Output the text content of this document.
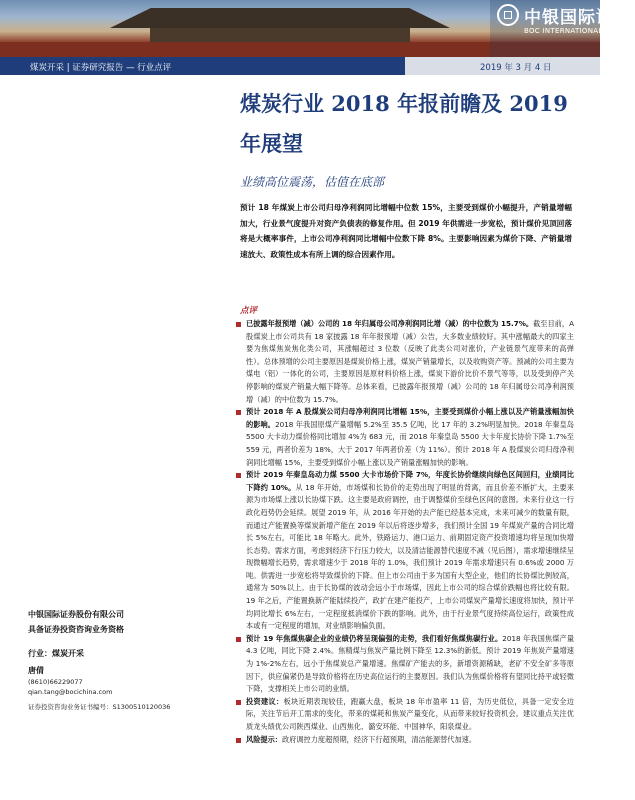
中银国际证券
BOC INTERNATIONAL (CHINA)
煤炭开采 | 证券研究报告 — 行业点评	2019 年 3 月 4 日
煤炭行业 2018 年报前瞻及 2019 年展望
业绩高位震荡，估值在底部
预计 18 年煤炭上市公司归母净利润同比增幅中位数 15%，主要受到煤价小幅提升，产销量增幅加大，行业景气度提升对资产负债表的修复作用。但 2019 年供需进一步宽松，预计煤价见顶回落将是大概率事件，上市公司净利润同比增幅中位数下降 8%。主要影响因素为煤价下降、产销量增速放大、政策性成本有所上调的综合因素作用。
点评
已披露年报预增（减）公司的 18 年归属母公司净利润同比增（减）的中位数为 15.7%。截至目前，A 股煤炭上市公司共有 18 家披露 18 年年报预增（减）公告，大多数业绩较好。其中涨幅最大的四家主要为焦煤焦炭焦化类公司，其涨幅超过 3 位数（反映了此类公司对涨价，产业链景气度带来的高弹性）。总体预增的公司主要原因是煤炭价格上涨，煤炭产销量增长，以及收购资产等。预减的公司主要为煤电（铝）一体化的公司，主要原因是原材料价格上涨，煤炭下游价比价不景气等等，以及受到停产关停影响的煤炭产销量大幅下降等。总体来看，已披露年报预增（减）公司的 18 年归属母公司净利润预增（减）的中位数为 15.7%。
预计 2018 年 A 股煤炭公司归母净利润同比增幅 15%，主要受到煤价小幅上涨以及产销量涨幅加快的影响。2018 年我国原煤产量增幅 5.2%至 35.5 亿吨，比 17 年的 3.2%明显加快。2018 年秦皇岛 5500 大卡动力煤价格同比增加 4%为 683 元，而 2018 年秦皇岛 5500 大卡年度长协价下降 1.7%至 559 元，两者价差为 18%，大于 2017 年两者价差（为 11%）。预计 2018 年 A 股煤炭公司归母净利润同比增幅 15%，主要受到煤价小幅上涨以及产销量涨幅加快的影响。
预计 2019 年秦皇岛动力煤 5500 大卡市场价下降 7%，年度长协价继续向绿色区间回归，业绩同比下降约 10%。从 18 年开始，市场煤和长协价的走势出现了明显的背离，而且价差不断扩大，主要来源为市场煤上涨以长协煤下跌。这主要是政府调控，由于调整煤价至绿色区间的意图。未来行业这一行政化趋势仍会延续。展望 2019 年，从 2016 年开始的去产能已经基本完成，未来可减少的数量有限，而通过产能置换等煤炭新增产能在 2019 年以后将逐步增多，我们预计全国 19 年煤炭产量的合同比增长 5%左右，可能比 18 年略大。此外，铁路运力、港口运力、前期固定资产投资增速均将呈现加快增长态势。需求方面，考虑到经济下行压力较大，以及清洁能源替代速度不减（见后图），需求增速继续呈现微幅增长趋势，需求增速少于 2018 年的 1.0%，我们预计 2019 年需求增速只有 0.6%或 2000 万吨。供需进一步宽松将导致煤价的下降。但上市公司由于多为国有大型企业，他们的长协煤比例较高，通常为 50%以上。由于长协煤的波动会远小于市场煤，因此上市公司的综合煤价跌幅也将比较有限。19 年之后，产能置换新产能陆续投产，政扩在建产能投产，上市公司煤炭产量增长速度将加快，预计平均同比增长 6%左右，一定程度抵消煤价下跌的影响。此外，由于行业景气度持续高位运行，政策性成本或有一定程度的增加，对业绩影响偏负面。
预计 19 年焦煤焦碳企业的业绩仍将呈现偏强的走势，我们看好焦煤焦碳行业。2018 年我国焦煤产量 4.3 亿吨，同比下降 2.4%。焦精煤与焦炭产量比例下降至 12.3%的新低。预计 2019 年焦炭产量增速为 1%-2%左右，远小于焦煤炭总产量增速。焦煤矿产能去的多，新增资源稀缺，老矿不安全矿多等原因下，供应偏紧仍是导致价格将在历史高位运行的主要原因。我们认为焦煤价格将有望同比持平或轻微下降，支撑相关上市公司的业绩。
投资建议：板块近期表现较佳，跑赢大盘，板块 18 年市盈率 11 倍，为历史低位，具备一定安全边际，关注节后开工需求的变化，带来的煤耗和焦炭产量变化，从而带来较好投资机会。建议重点关注优质龙头绩优公司陕西煤业、山西焦化、潞安环能、中国神华、阳泉煤业。
风险提示：政府调控力度超预期，经济下行超预期，清洁能源替代加速。
中银国际证券股份有限公司
具备证券投资咨询业务资格
行业：煤炭开采
唐倩
(8610)66229077
qian.tang@bocichina.com
证券投资咨询业务证书编号：S1300510120036
